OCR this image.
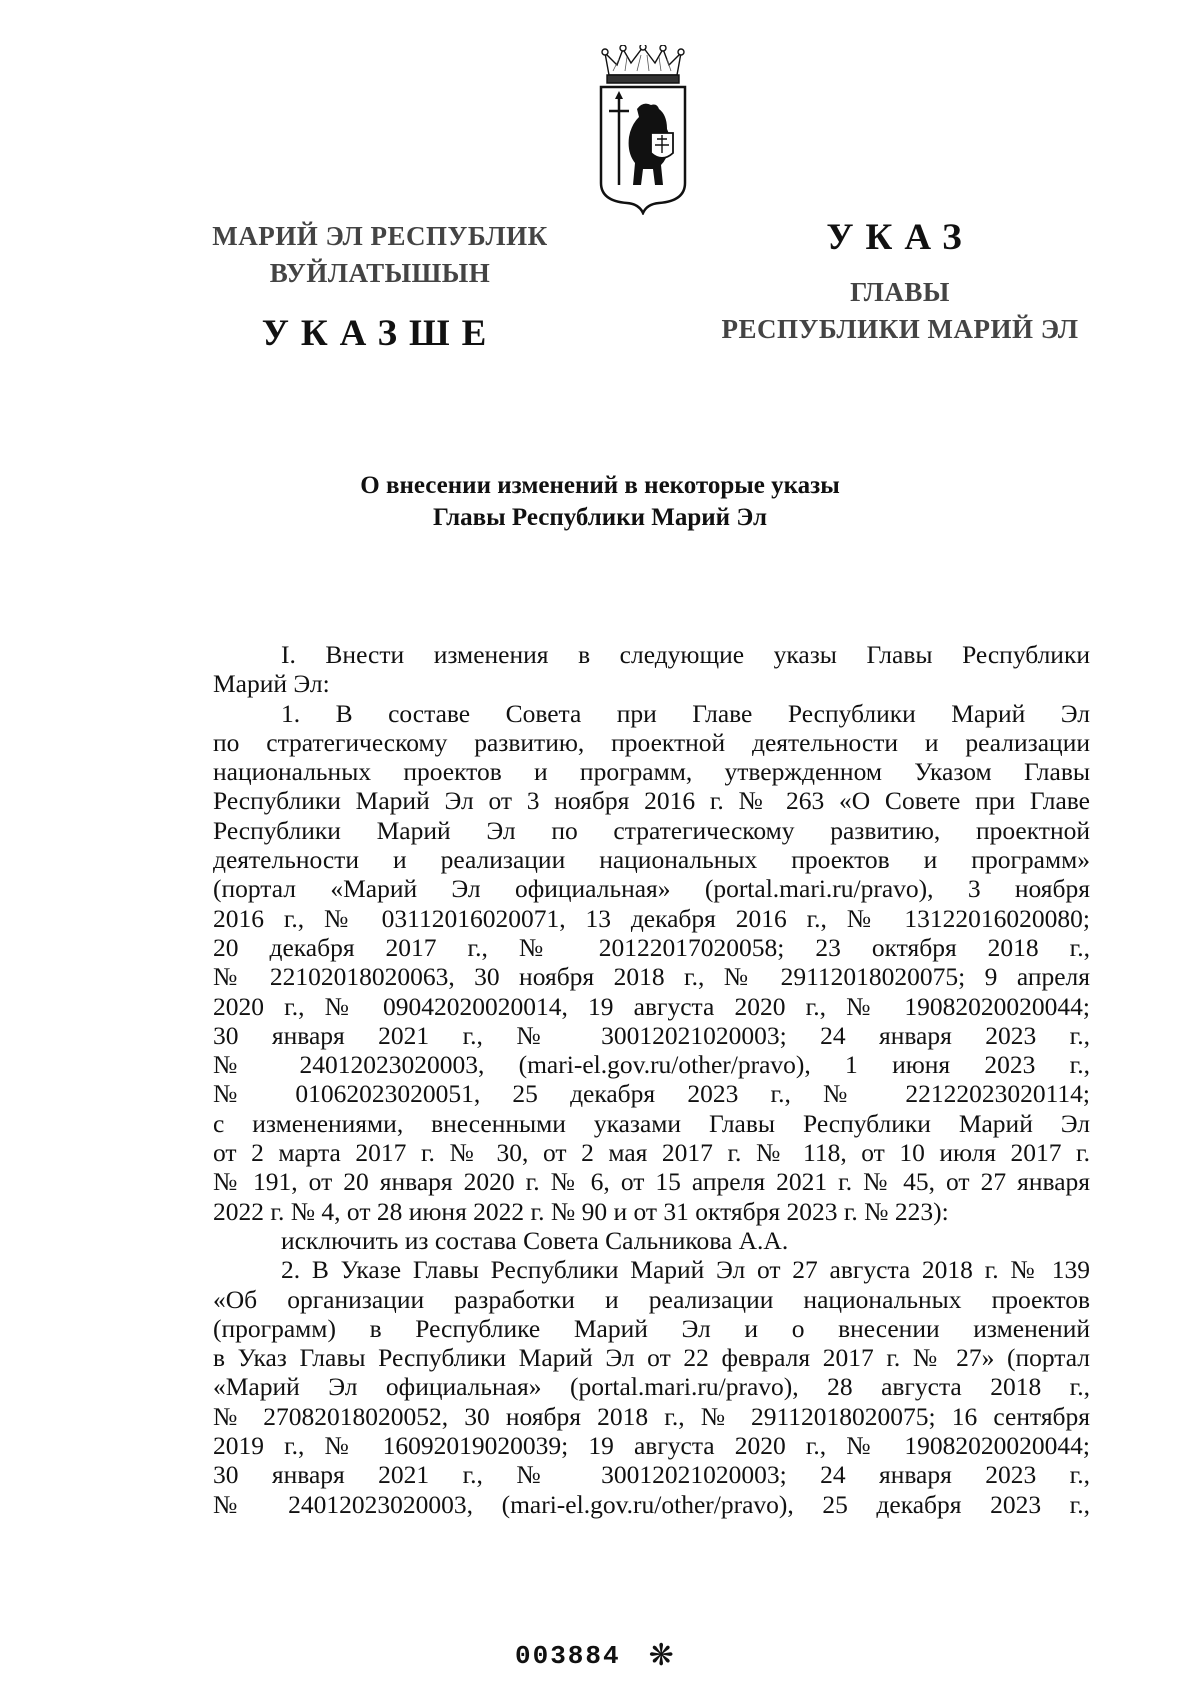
МАРИЙ ЭЛ РЕСПУБЛИК
ВУЙЛАТЫШЫН
УКАЗШЕ
УКАЗ
ГЛАВЫ
РЕСПУБЛИКИ МАРИЙ ЭЛ
О внесении изменений в некоторые указы
Главы Республики Марий Эл
I. Внести изменения в следующие указы Главы Республики
Марий Эл:
1. В составе Совета при Главе Республики Марий Эл
по стратегическому развитию, проектной деятельности и реализации
национальных проектов и программ, утвержденном Указом Главы
Республики Марий Эл от 3 ноября 2016 г. № 263 «О Совете при Главе
Республики Марий Эл по стратегическому развитию, проектной
деятельности и реализации национальных проектов и программ»
(портал «Марий Эл официальная» (portal.mari.ru/pravo), 3 ноября
2016 г., № 03112016020071, 13 декабря 2016 г., № 13122016020080;
20 декабря 2017 г., № 20122017020058; 23 октября 2018 г.,
№ 22102018020063, 30 ноября 2018 г., № 29112018020075; 9 апреля
2020 г., № 09042020020014, 19 августа 2020 г., № 19082020020044;
30 января 2021 г., № 30012021020003; 24 января 2023 г.,
№ 24012023020003, (mari-el.gov.ru/other/pravo), 1 июня 2023 г.,
№ 01062023020051, 25 декабря 2023 г., № 22122023020114;
с изменениями, внесенными указами Главы Республики Марий Эл
от 2 марта 2017 г. № 30, от 2 мая 2017 г. № 118, от 10 июля 2017 г.
№ 191, от 20 января 2020 г. № 6, от 15 апреля 2021 г. № 45, от 27 января
2022 г. № 4, от 28 июня 2022 г. № 90 и от 31 октября 2023 г. № 223):
исключить из состава Совета Сальникова А.А.
2. В Указе Главы Республики Марий Эл от 27 августа 2018 г. № 139
«Об организации разработки и реализации национальных проектов
(программ) в Республике Марий Эл и о внесении изменений
в Указ Главы Республики Марий Эл от 22 февраля 2017 г. № 27» (портал
«Марий Эл официальная» (portal.mari.ru/pravo), 28 августа 2018 г.,
№ 27082018020052, 30 ноября 2018 г., № 29112018020075; 16 сентября
2019 г., № 16092019020039; 19 августа 2020 г., № 19082020020044;
30 января 2021 г., № 30012021020003; 24 января 2023 г.,
№ 24012023020003, (mari-el.gov.ru/other/pravo), 25 декабря 2023 г.,
003884 ❋
